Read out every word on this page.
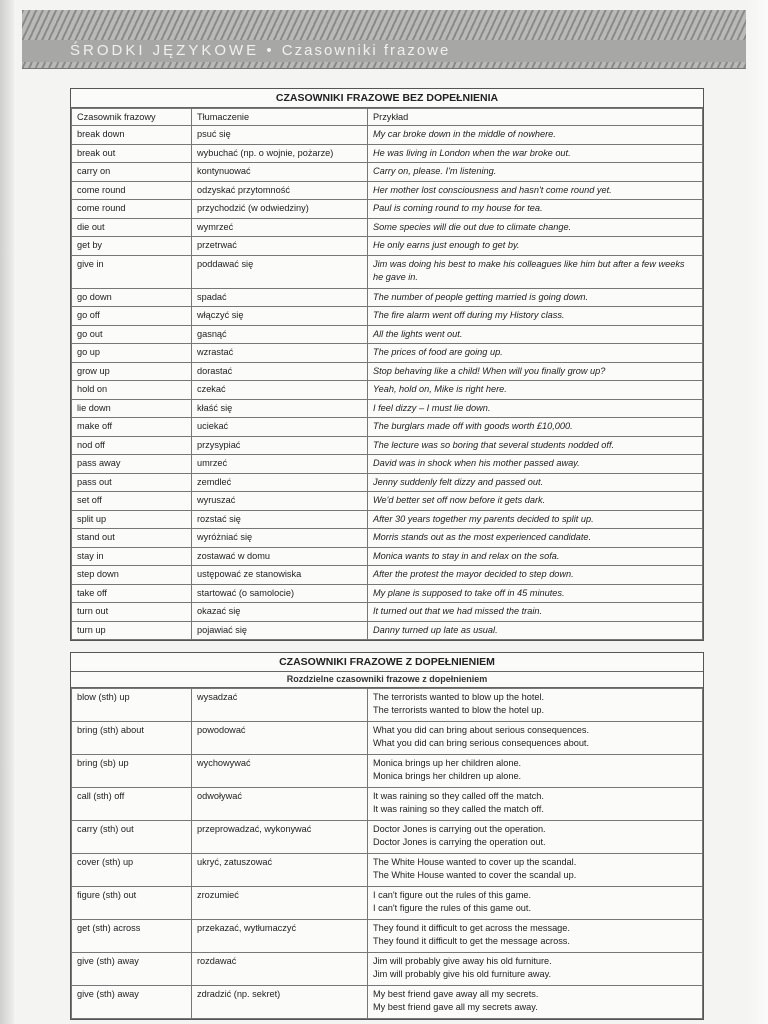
ŚRODKI JĘZYKOWE • Czasowniki frazowe
CZASOWNIKI FRAZOWE BEZ DOPEŁNIENIA
Czasownik frazowy	Tłumaczenie	Przykład
break down	psuć się	My car broke down in the middle of nowhere.
break out	wybuchać (np. o wojnie, pożarze)	He was living in London when the war broke out.
carry on	kontynuować	Carry on, please. I'm listening.
come round	odzyskać przytomność	Her mother lost consciousness and hasn't come round yet.
come round	przychodzić (w odwiedziny)	Paul is coming round to my house for tea.
die out	wymrzeć	Some species will die out due to climate change.
get by	przetrwać	He only earns just enough to get by.
give in	poddawać się	Jim was doing his best to make his colleagues like him but after a few weeks he gave in.
go down	spadać	The number of people getting married is going down.
go off	włączyć się	The fire alarm went off during my History class.
go out	gasnąć	All the lights went out.
go up	wzrastać	The prices of food are going up.
grow up	dorastać	Stop behaving like a child! When will you finally grow up?
hold on	czekać	Yeah, hold on, Mike is right here.
lie down	kłaść się	I feel dizzy – I must lie down.
make off	uciekać	The burglars made off with goods worth £10,000.
nod off	przysypiać	The lecture was so boring that several students nodded off.
pass away	umrzeć	David was in shock when his mother passed away.
pass out	zemdleć	Jenny suddenly felt dizzy and passed out.
set off	wyruszać	We'd better set off now before it gets dark.
split up	rozstać się	After 30 years together my parents decided to split up.
stand out	wyróżniać się	Morris stands out as the most experienced candidate.
stay in	zostawać w domu	Monica wants to stay in and relax on the sofa.
step down	ustępować ze stanowiska	After the protest the mayor decided to step down.
take off	startować (o samolocie)	My plane is supposed to take off in 45 minutes.
turn out	okazać się	It turned out that we had missed the train.
turn up	pojawiać się	Danny turned up late as usual.
CZASOWNIKI FRAZOWE Z DOPEŁNIENIEM
Rozdzielne czasowniki frazowe z dopełnieniem
blow (sth) up	wysadzać	The terrorists wanted to blow up the hotel.
The terrorists wanted to blow the hotel up.

bring (sth) about	powodować	What you did can bring about serious consequences.
What you did can bring serious consequences about.

bring (sb) up	wychowywać	Monica brings up her children alone.
Monica brings her children up alone.

call (sth) off	odwoływać	It was raining so they called off the match.
It was raining so they called the match off.

carry (sth) out	przeprowadzać, wykonywać	Doctor Jones is carrying out the operation.
Doctor Jones is carrying the operation out.

cover (sth) up	ukryć, zatuszować	The White House wanted to cover up the scandal.
The White House wanted to cover the scandal up.

figure (sth) out	zrozumieć	I can't figure out the rules of this game.
I can't figure the rules of this game out.

get (sth) across	przekazać, wytłumaczyć	They found it difficult to get across the message.
They found it difficult to get the message across.

give (sth) away	rozdawać	Jim will probably give away his old furniture.
Jim will probably give his old furniture away.

give (sth) away	zdradzić (np. sekret)	My best friend gave away all my secrets.
My best friend gave all my secrets away.
